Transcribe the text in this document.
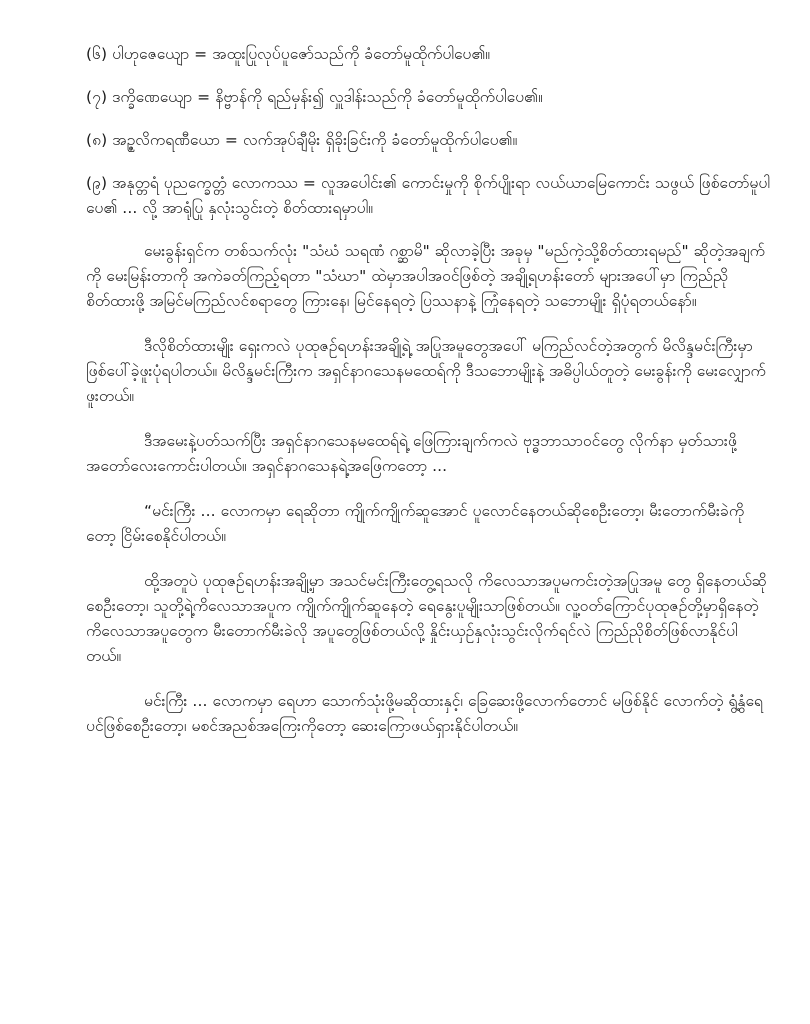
(၆) ပါဟုဇေယျော = အထူးပြုလုပ်ပူဇော်သည်ကို ခံတော်မူထိုက်ပါပေ၏။

(၇) ဒက္ခိဏေယျော = နိဗ္ဗာန်ကို ရည်မှန်း၍ လှူဒါန်းသည်ကို ခံတော်မူထိုက်ပါပေ၏။

(၈) အဉ္ဇလိကရဏီယော = လက်အုပ်ချီမိုး ရှိခိုးခြင်းကို ခံတော်မူထိုက်ပါပေ၏။

(၉) အနုတ္တရံ ပုညက္ခေတ္တံ လောကဿ = လူအပေါင်း၏ ကောင်းမှုကို စိုက်ပျိုးရာ လယ်ယာမြေကောင်း သဖွယ် ဖြစ်တော်မူပါပေ၏ ... လို့ အာရုံပြု နှလုံးသွင်းတဲ့ စိတ်ထားရမှာပါ။

မေးခွန်းရှင်က တစ်သက်လုံး "သံဃံ သရဏံ ဂစ္ဆာမိ" ဆိုလာခဲ့ပြီး အခုမှ "မည်ကဲ့သို့စိတ်ထားရမည်" ဆိုတဲ့အချက်ကို မေးမြန်းတာကို အကဲခတ်ကြည့်ရတာ "သံဃာ" ထဲမှာအပါအဝင်ဖြစ်တဲ့ အချို့ရဟန်းတော် များအပေါ်မှာ ကြည်ညိုစိတ်ထားဖို့ အမြင်မကြည်လင်စရာတွေ ကြားနေ၊ မြင်နေရတဲ့ ပြဿနာနဲ့ ကြုံနေရတဲ့ သဘောမျိုး ရှိပုံရတယ်နော်။

ဒီလိုစိတ်ထားမျိုး ရှေးကလဲ ပုထုဇဉ်ရဟန်းအချို့ရဲ့ အပြုအမူတွေအပေါ် မကြည်လင်တဲ့အတွက် မိလိန္ဒမင်းကြီးမှာ ဖြစ်ပေါ်ခဲ့ဖူးပုံရပါတယ်။ မိလိန္ဒမင်းကြီးက အရှင်နာဂသေနမထေရ်ကို ဒီသဘောမျိုးနဲ့ အဓိပ္ပါယ်တူတဲ့ မေးခွန်းကို မေးလျှောက်ဖူးတယ်။

ဒီအမေးနဲ့ပတ်သက်ပြီး အရှင်နာဂသေနမထေရ်ရဲ့ ဖြေကြားချက်ကလဲ ဗုဒ္ဓဘာသာဝင်တွေ လိုက်နာ မှတ်သားဖို့အတော်လေးကောင်းပါတယ်။ အရှင်နာဂသေနရဲ့အဖြေကတော့ ...

“မင်းကြီး ... လောကမှာ ရေဆိုတာ ကျိုက်ကျိုက်ဆူအောင် ပူလောင်နေတယ်ဆိုစေဦးတော့၊ မီးတောက်မီးခဲကိုတော့ ငြိမ်းစေနိုင်ပါတယ်။

ထို့အတူပဲ ပုထုဇဉ်ရဟန်းအချို့မှာ အသင်မင်းကြီးတွေ့ရသလို ကိလေသာအပူမကင်းတဲ့အပြုအမူ တွေ ရှိနေတယ်ဆိုစေဦးတော့၊ သူတို့ရဲ့ကိလေသာအပူက ကျိုက်ကျိုက်ဆူနေတဲ့ ရေနွေးပူမျိုးသာဖြစ်တယ်။ လူ့ဝတ်ကြောင်ပုထုဇဉ်တို့မှာရှိနေတဲ့ ကိလေသာအပူတွေက မီးတောက်မီးခဲလို အပူတွေဖြစ်တယ်လို့ နှိုင်းယှဉ်နှလုံးသွင်းလိုက်ရင်လဲ ကြည်ညိုစိတ်ဖြစ်လာနိုင်ပါတယ်။

မင်းကြီး ... လောကမှာ ရေဟာ သောက်သုံးဖို့မဆိုထားနှင့်၊ ခြေဆေးဖို့လောက်တောင် မဖြစ်နိုင် လောက်တဲ့ ရွံ့နွံရေပင်ဖြစ်စေဦးတော့၊ မစင်အညစ်အကြေးကိုတော့ ဆေးကြောဖယ်ရှားနိုင်ပါတယ်။
